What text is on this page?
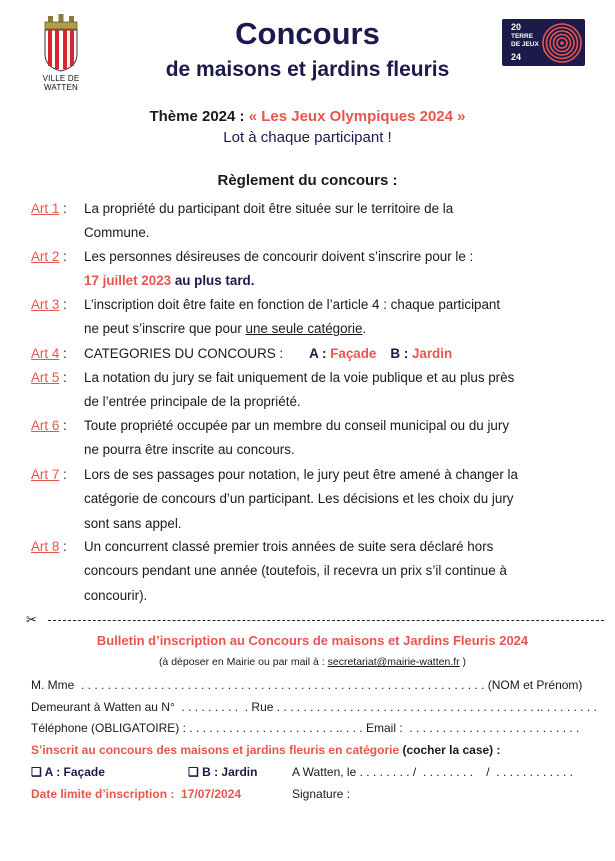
VILLE DE WATTEN
Concours
de maisons et jardins fleuris
20
TERRE DE JEUX
24
Thème 2024 : « Les Jeux Olympiques 2024 »
Lot à chaque participant !
Règlement du concours :
Art 1 : La propriété du participant doit être située sur le territoire de la
Commune.
Art 2 : Les personnes désireuses de concourir doivent s’inscrire pour le :
17 juillet 2023 au plus tard.
Art 3 : L’inscription doit être faite en fonction de l’article 4 : chaque participant
ne peut s’inscrire que pour une seule catégorie.
Art 4 : CATEGORIES DU CONCOURS : A : Façade B : Jardin
Art 5 : La notation du jury se fait uniquement de la voie publique et au plus près
de l’entrée principale de la propriété.
Art 6 : Toute propriété occupée par un membre du conseil municipal ou du jury
ne pourra être inscrite au concours.
Art 7 : Lors de ses passages pour notation, le jury peut être amené à changer la
catégorie de concours d’un participant. Les décisions et les choix du jury
sont sans appel.
Art 8 : Un concurrent classé premier trois années de suite sera déclaré hors
concours pendant une année (toutefois, il recevra un prix s’il continue à
concourir).
✂
Bulletin d’inscription au Concours de maisons et Jardins Fleuris 2024
(à déposer en Mairie ou par mail à : secretariat@mairie-watten.fr )
M. Mme  . . . . . . . . . . . . . . . . . . . . . . . . . . . . . . . . . . . . . . . . . . . . . . . . . . . . . . . . . . . . . (NOM et Prénom)
Demeurant à Watten au N°  . . . . . . . . .  . Rue . . . . . . . . . . . . . . . . . . . . . . . . . . . . . . . . . . . . . . . .. . . . . . . . .
Téléphone (OBLIGATOIRE) : . . . . . . . . . . . . . . . . . . . . . . .. . . . Email :  . . . . . . . . . . . . . . . . . . . . . . . . . .
S’inscrit au concours des maisons et jardins fleuris en catégorie (cocher la case) :
❑ A : Façade	❑ B : Jardin	A Watten, le . . . . . . . . /  . . . . . . . .    /  . . . . . . . . . . . .
Date limite d’inscription :  17/07/2024	Signature :
